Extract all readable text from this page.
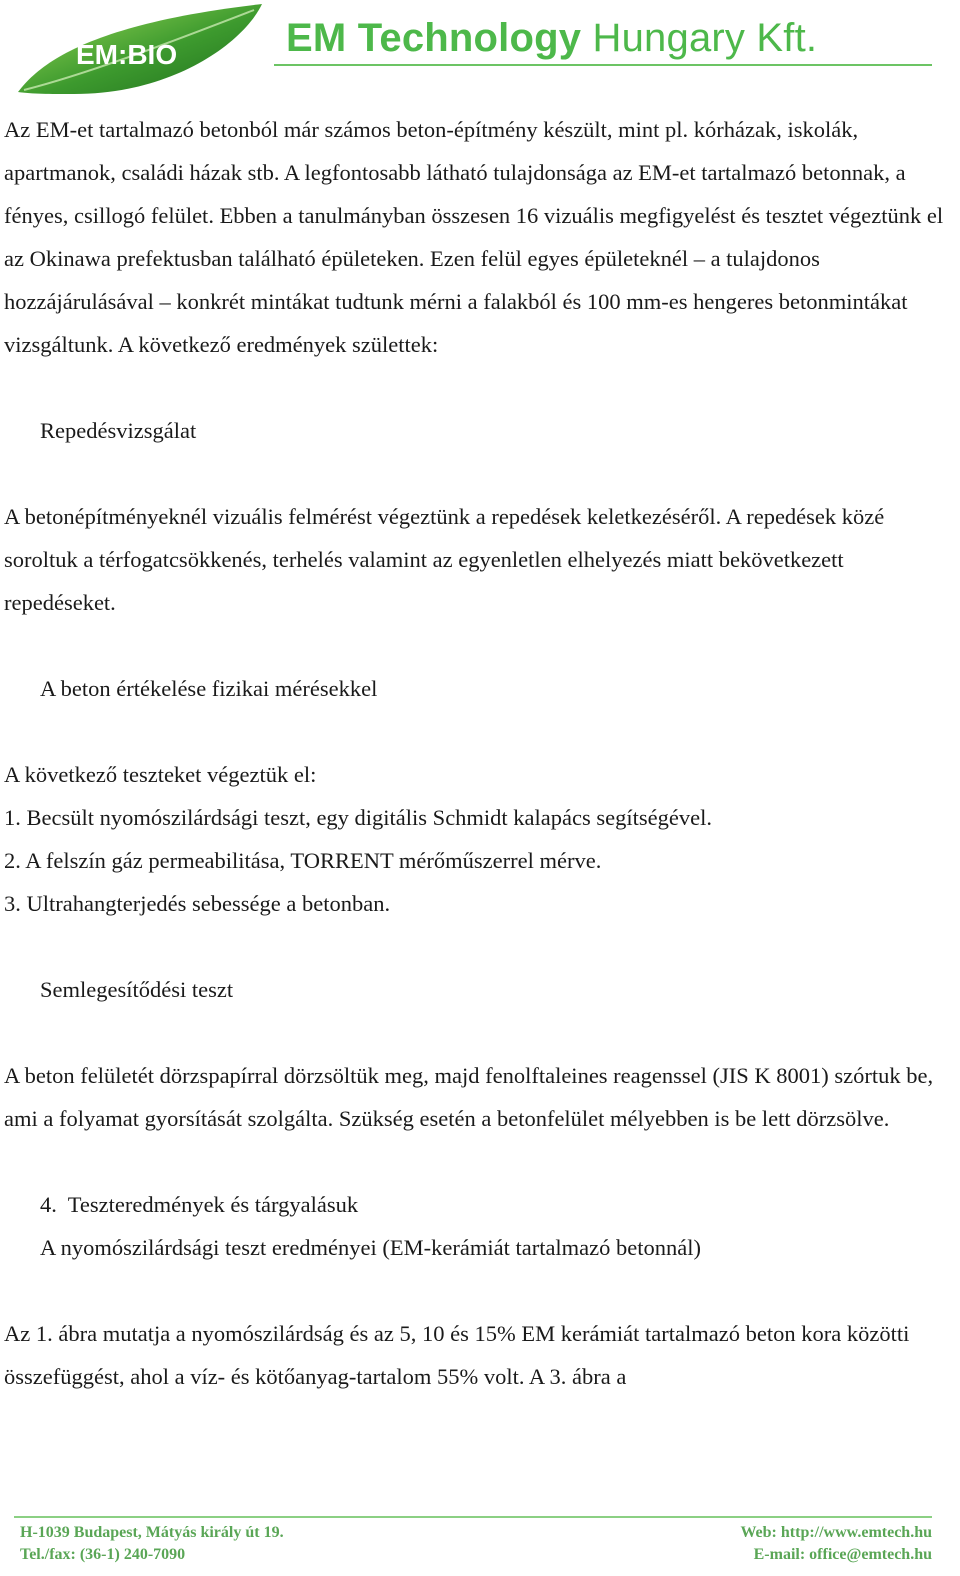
EM:BIO	EM Technology Hungary Kft.

Az EM-et tartalmazó betonból már számos beton-építmény készült, mint pl. kórházak, iskolák, apartmanok, családi házak stb. A legfontosabb látható tulajdonsága az EM-et tartalmazó betonnak, a fényes, csillogó felület. Ebben a tanulmányban összesen 16 vizuális megfigyelést és tesztet végeztünk el az Okinawa prefektusban található épületeken. Ezen felül egyes épületeknél – a tulajdonos hozzájárulásával – konkrét mintákat tudtunk mérni a falakból és 100 mm-es hengeres betonmintákat vizsgáltunk. A következő eredmények születtek:

Repedésvizsgálat

A betonépítményeknél vizuális felmérést végeztünk a repedések keletkezéséről. A repedések közé soroltuk a térfogatcsökkenés, terhelés valamint az egyenletlen elhelyezés miatt bekövetkezett repedéseket.

A beton értékelése fizikai mérésekkel

A következő teszteket végeztük el:

1. Becsült nyomószilárdsági teszt, egy digitális Schmidt kalapács segítségével.

2. A felszín gáz permeabilitása, TORRENT mérőműszerrel mérve.

3. Ultrahangterjedés sebessége a betonban.

Semlegesítődési teszt

A beton felületét dörzspapírral dörzsöltük meg, majd fenolftaleines reagenssel (JIS K 8001) szórtuk be, ami a folyamat gyorsítását szolgálta. Szükség esetén a betonfelület mélyebben is be lett dörzsölve.

4.  Teszteredmények és tárgyalásuk

A nyomószilárdsági teszt eredményei (EM-kerámiát tartalmazó betonnál)

Az 1. ábra mutatja a nyomószilárdság és az 5, 10 és 15% EM kerámiát tartalmazó beton kora közötti összefüggést, ahol a víz- és kötőanyag-tartalom 55% volt. A 3. ábra a

H-1039 Budapest, Mátyás király út 19.
Tel./fax: (36-1) 240-7090
Web: http://www.emtech.hu
E-mail: office@emtech.hu
